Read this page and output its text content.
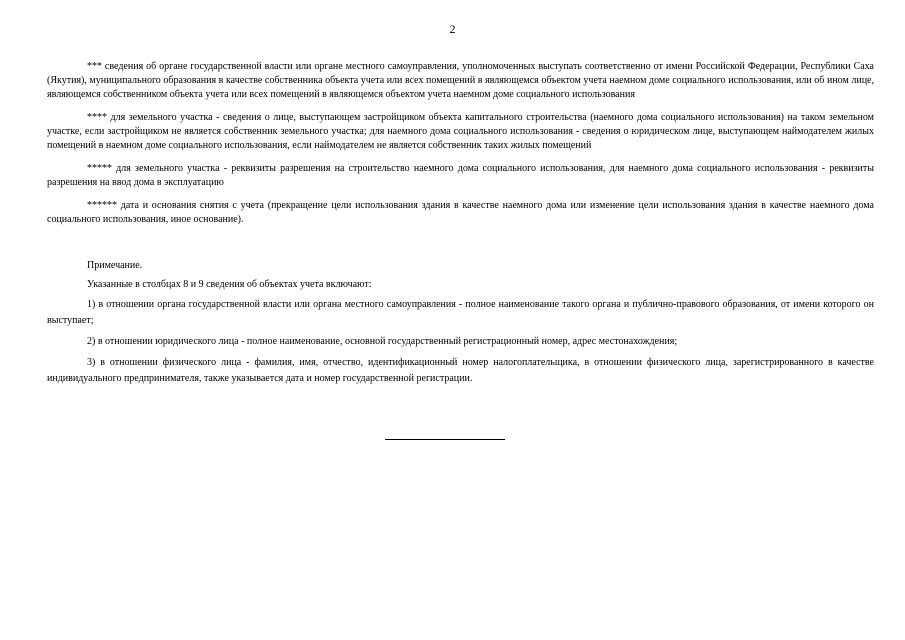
2

*** сведения об органе государственной власти или органе местного самоуправления, уполномоченных выступать соответственно от имени Российской Федерации, Республики Саха (Якутия), муниципального образования в качестве собственника объекта учета или всех помещений в являющемся объектом учета наемном доме социального использования, или об ином лице, являющемся собственником объекта учета или всех помещений в являющемся объектом учета наемном доме социального использования

**** для земельного участка - сведения о лице, выступающем застройщиком объекта капитального строительства (наемного дома социального использования) на таком земельном участке, если застройщиком не является собственник земельного участка; для наемного дома социального использования - сведения о юридическом лице, выступающем наймодателем жилых помещений в наемном доме социального использования, если наймодателем не является собственник таких жилых помещений

***** для земельного участка - реквизиты разрешения на строительство наемного дома социального использования, для наемного дома социального использования - реквизиты разрешения на ввод дома в эксплуатацию

****** дата и основания снятия с учета (прекращение цели использования здания в качестве наемного дома или изменение цели использования здания в качестве наемного дома социального использования, иное основание).

Примечание.

Указанные в столбцах 8 и 9 сведения об объектах учета включают:

1) в отношении органа государственной власти или органа местного самоуправления - полное наименование такого органа и публично-правового образования, от имени которого он выступает;

2) в отношении юридического лица - полное наименование, основной государственный регистрационный номер, адрес местонахождения;

3) в отношении физического лица - фамилия, имя, отчество, идентификационный номер налогоплательщика, в отношении физического лица, зарегистрированного в качестве индивидуального предпринимателя, также указывается дата и номер государственной регистрации.
